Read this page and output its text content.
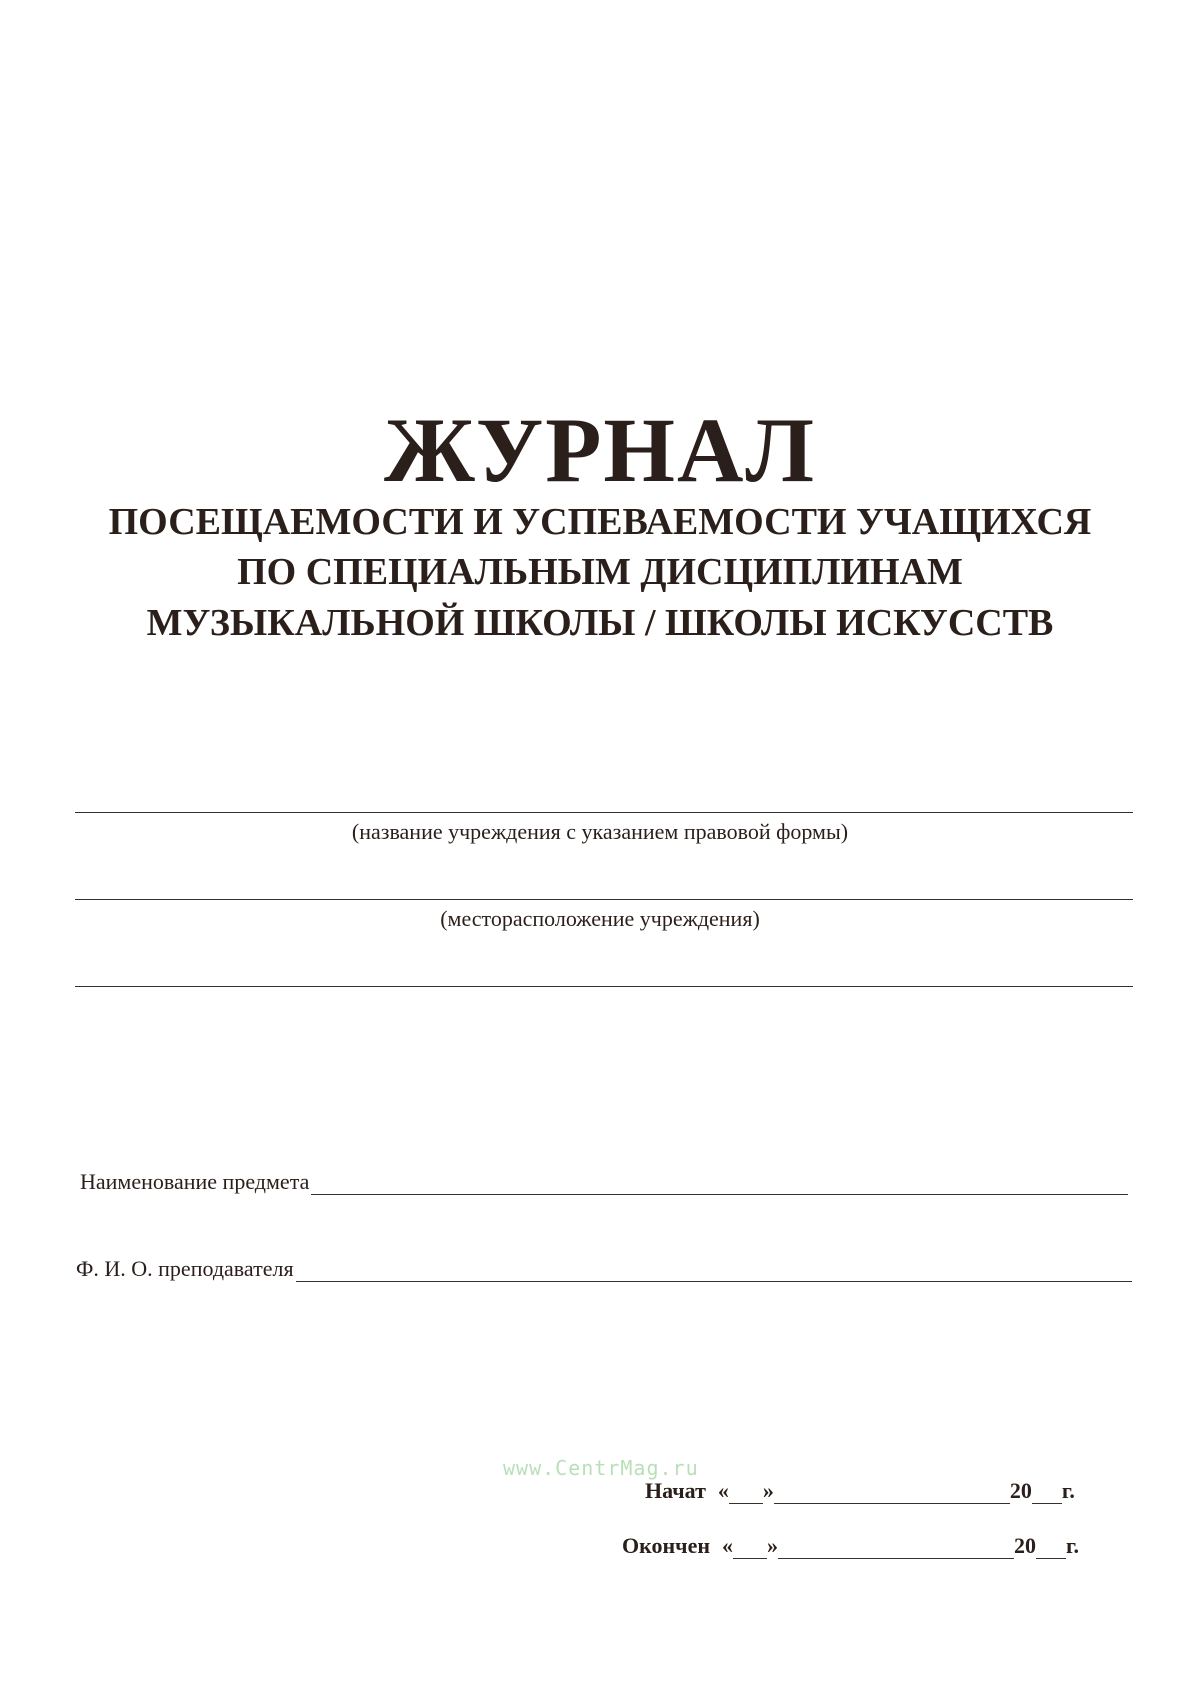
ЖУРНАЛ
ПОСЕЩАЕМОСТИ И УСПЕВАЕМОСТИ УЧАЩИХСЯ
ПО СПЕЦИАЛЬНЫМ ДИСЦИПЛИНАМ
МУЗЫКАЛЬНОЙ ШКОЛЫ / ШКОЛЫ ИСКУССТВ
(название учреждения с указанием правовой формы)
(месторасположение учреждения)
Наименование предмета
Ф. И. О. преподавателя
www.CentrMag.ru
Начат « »	20 г.
Окончен « »	20 г.
